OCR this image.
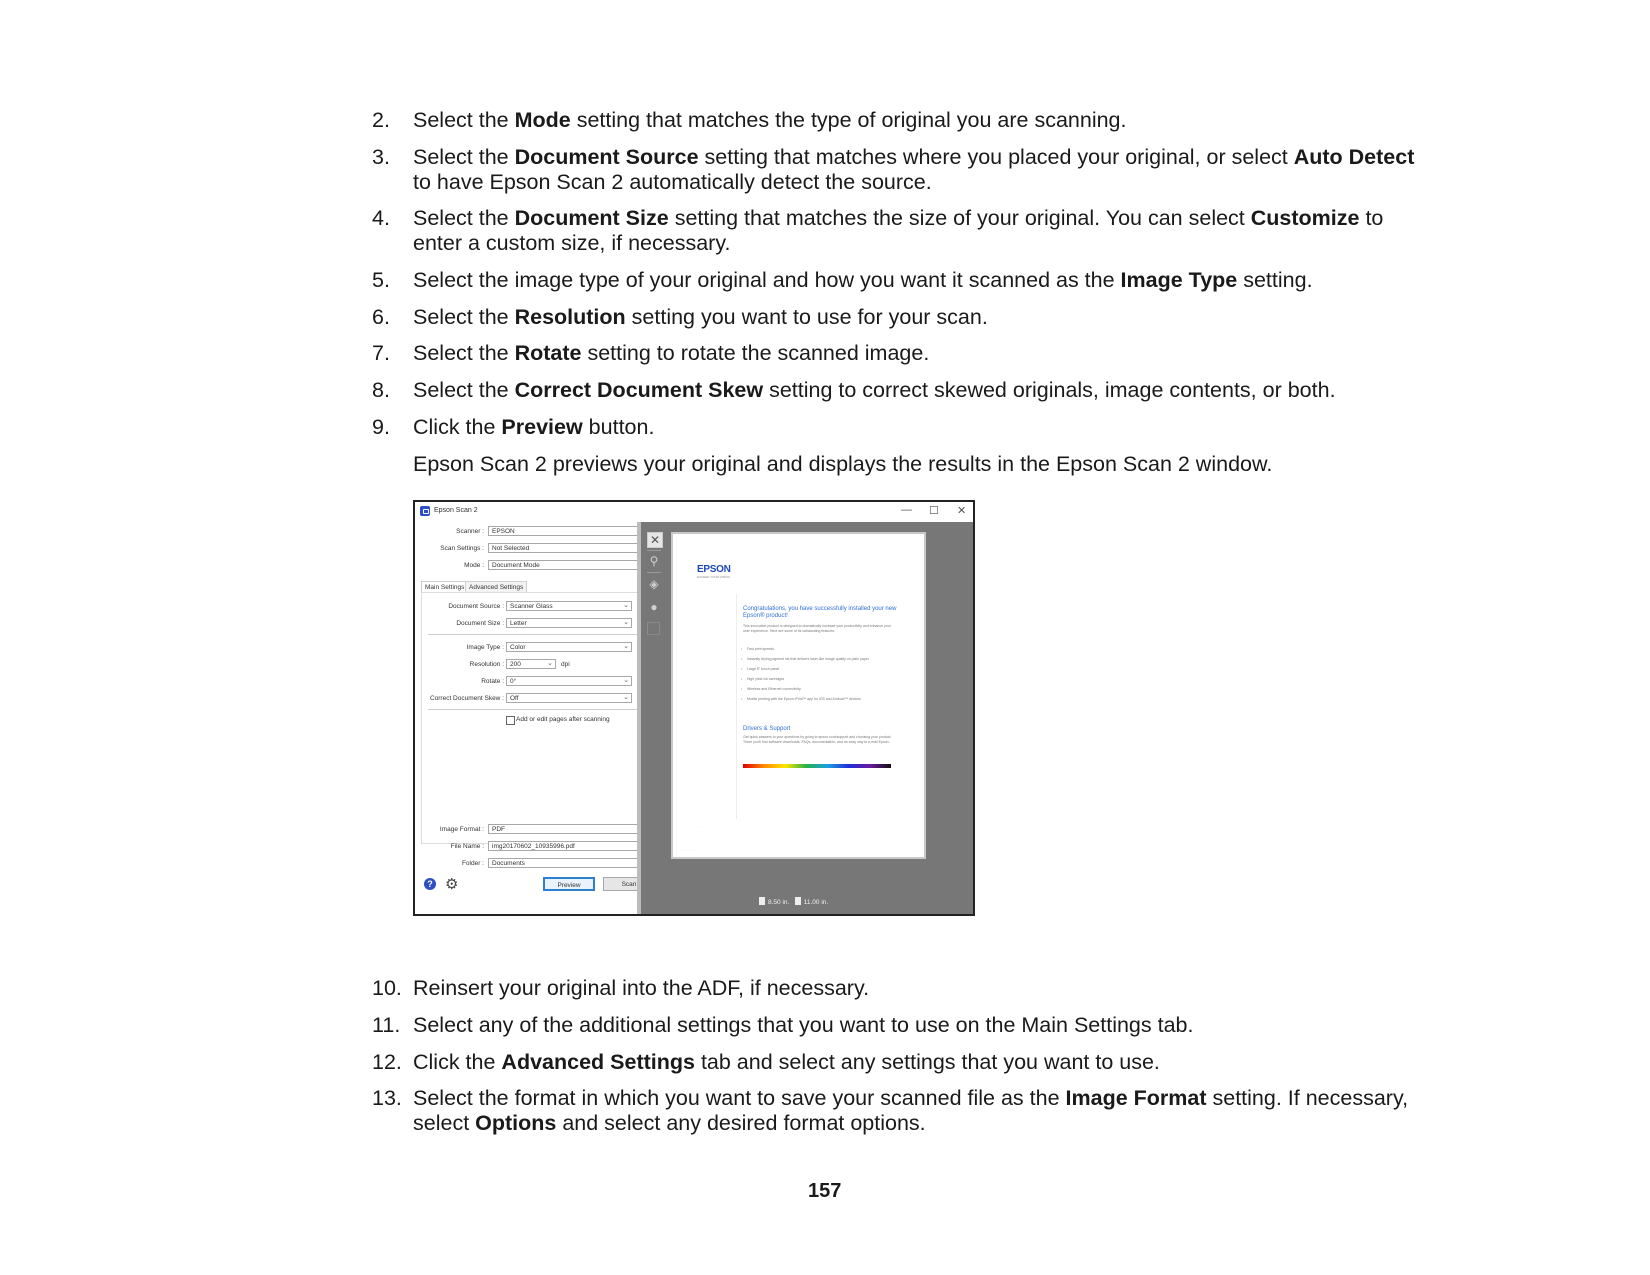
2. Select the Mode setting that matches the type of original you are scanning.
3. Select the Document Source setting that matches where you placed your original, or select Auto Detect to have Epson Scan 2 automatically detect the source.
4. Select the Document Size setting that matches the size of your original. You can select Customize to enter a custom size, if necessary.
5. Select the image type of your original and how you want it scanned as the Image Type setting.
6. Select the Resolution setting you want to use for your scan.
7. Select the Rotate setting to rotate the scanned image.
8. Select the Correct Document Skew setting to correct skewed originals, image contents, or both.
9. Click the Preview button.
Epson Scan 2 previews your original and displays the results in the Epson Scan 2 window.
Epson Scan 2	— ☐ ✕
Scanner : EPSON
Scan Settings : Not Selected
Mode : Document Mode
Main Settings Advanced Settings
Document Source : Scanner Glass	⌄
Document Size : Letter	⌄
Image Type : Color	⌄
Resolution : 200	⌄ dpi
Rotate : 0°	⌄
Correct Document Skew : Off	⌄
Add or edit pages after scanning
Image Format : PDF
File Name : img20170602_10935996.pdf
Folder : Documents
? ⚙	Preview	Scan
✕
⚲
◈
●
EPSON
EXCEED YOUR VISION
Congratulations, you have successfully installed your new Epson® product!
This innovative product is designed to dramatically increase your productivity and enhance your user experience. Here are some of its outstanding features:
• Fast print speeds
• Instantly drying pigment ink that delivers laser-like image quality on plain paper
• Large 5" touch panel
• High yield ink cartridges
• Wireless and Ethernet connectivity
• Mobile printing with the Epson iPrint™ app for iOS and Android™ devices
Drivers & Support
Get quick answers to your questions by going to epson.com/support and choosing your product. There you'll find software downloads, FAQs, documentation, and an easy way to e-mail Epson.
· · ·
· · · · · · · · ·	· · · ·
8.50 in. 11.00 in.
10. Reinsert your original into the ADF, if necessary.
11. Select any of the additional settings that you want to use on the Main Settings tab.
12. Click the Advanced Settings tab and select any settings that you want to use.
13. Select the format in which you want to save your scanned file as the Image Format setting. If necessary, select Options and select any desired format options.
157
